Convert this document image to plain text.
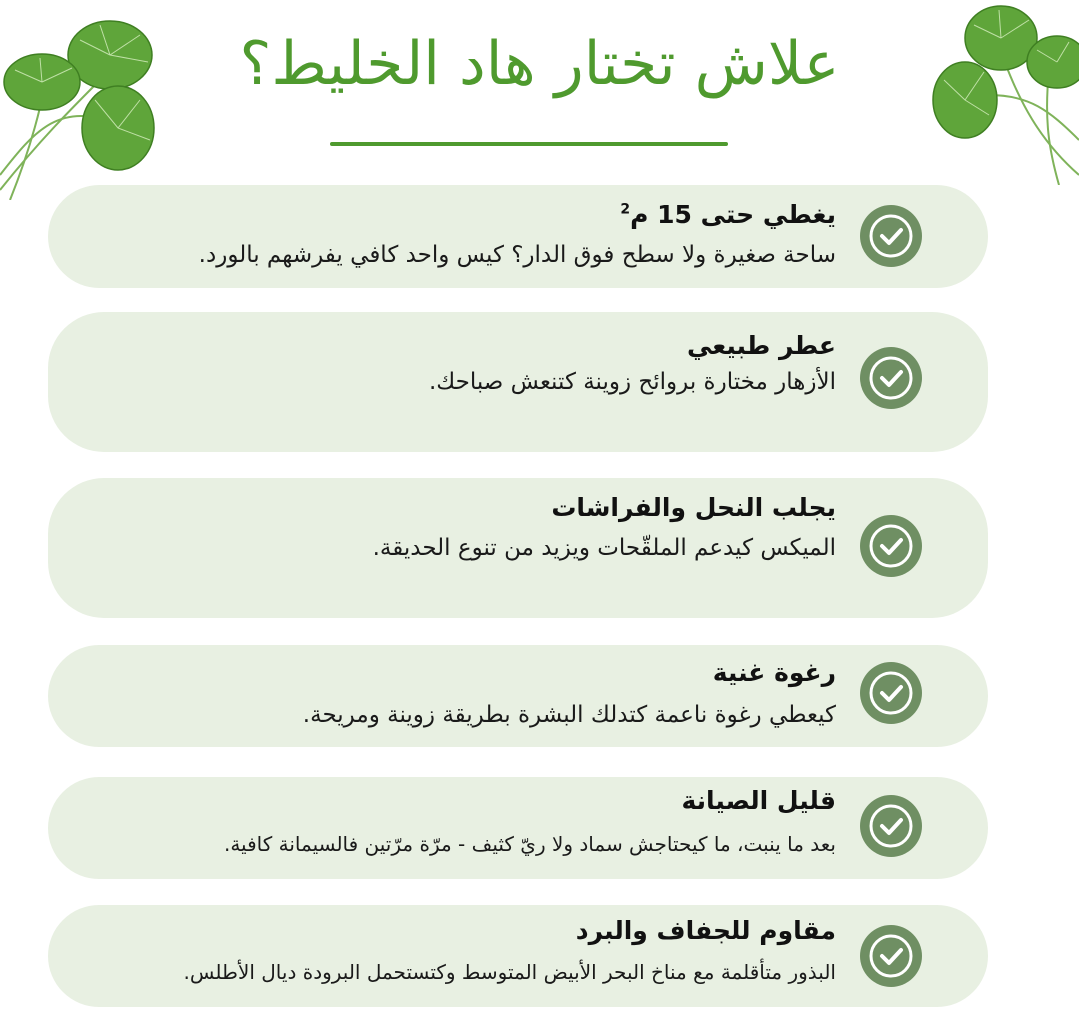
علاش تختار هاد الخليط؟
يغطي حتى 15 م$^2$
ساحة صغيرة ولا سطح فوق الدار؟ كيس واحد كافي يفرشهم بالورد.
عطر طبيعي
الأزهار مختارة بروائح زوينة كتنعش صباحك.
يجلب النحل والفراشات
الميكس كيدعم الملقّحات ويزيد من تنوع الحديقة.
رغوة غنية
كيعطي رغوة ناعمة كتدلك البشرة بطريقة زوينة ومريحة.
قليل الصيانة
بعد ما ينبت، ما كيحتاجش سماد ولا ريّ كثيف - مرّة مرّتين فالسيمانة كافية.
مقاوم للجفاف والبرد
البذور متأقلمة مع مناخ البحر الأبيض المتوسط وكتستحمل البرودة ديال الأطلس.
